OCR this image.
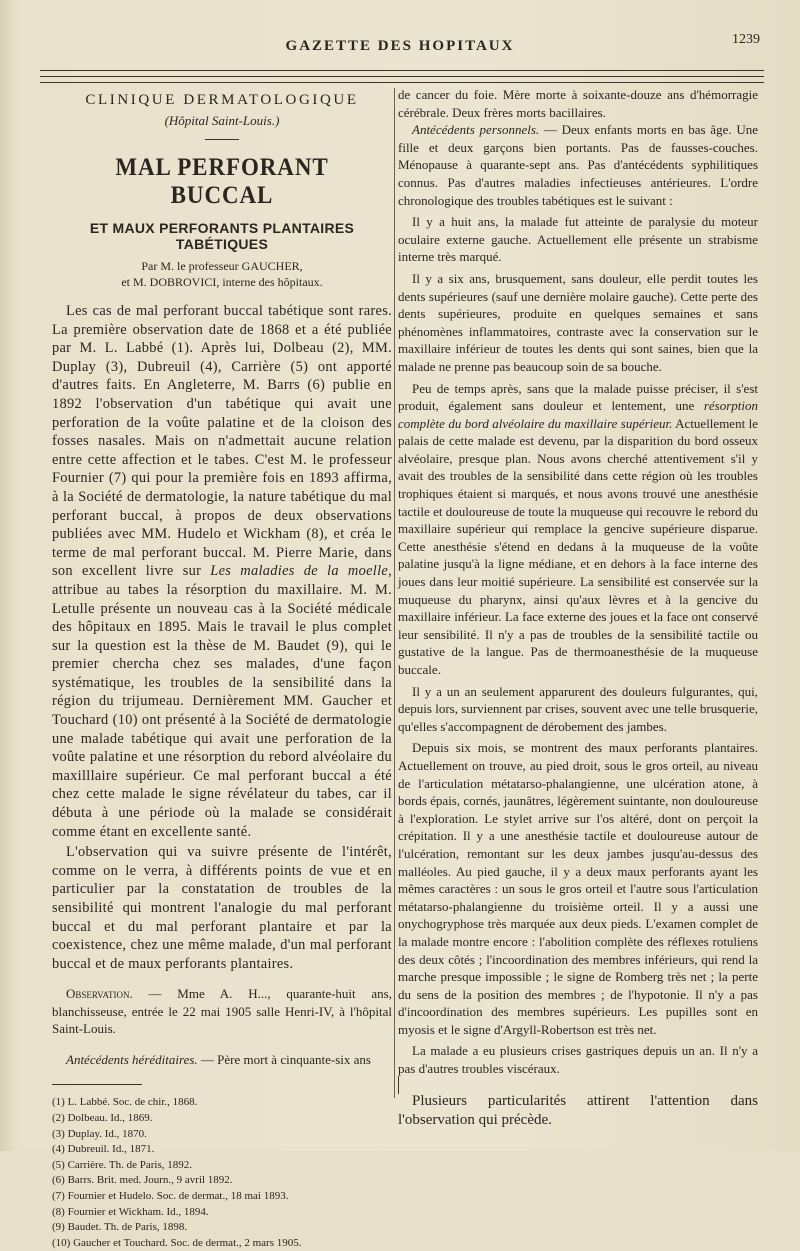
GAZETTE DES HOPITAUX	1239
CLINIQUE DERMATOLOGIQUE
(Hôpital Saint-Louis.)
MAL PERFORANT BUCCAL
ET MAUX PERFORANTS PLANTAIRES TABÉTIQUES
Par M. le professeur GAUCHER,
et M. DOBROVICI, interne des hôpitaux.

Les cas de mal perforant buccal tabétique sont rares. La première observation date de 1868 et a été publiée par M. L. Labbé (1). Après lui, Dolbeau (2), MM. Duplay (3), Dubreuil (4), Carrière (5) ont apporté d'autres faits. En Angleterre, M. Barrs (6) publie en 1892 l'observation d'un tabétique qui avait une perforation de la voûte palatine et de la cloison des fosses nasales. Mais on n'admettait aucune relation entre cette affection et le tabes. C'est M. le professeur Fournier (7) qui pour la première fois en 1893 affirma, à la Société de dermatologie, la nature tabétique du mal perforant buccal, à propos de deux observations publiées avec MM. Hudelo et Wickham (8), et créa le terme de mal perforant buccal. M. Pierre Marie, dans son excellent livre sur Les maladies de la moelle, attribue au tabes la résorption du maxillaire. M. M. Letulle présente un nouveau cas à la Société médicale des hôpitaux en 1895. Mais le travail le plus complet sur la question est la thèse de M. Baudet (9), qui le premier chercha chez ses malades, d'une façon systématique, les troubles de la sensibilité dans la région du trijumeau. Dernièrement MM. Gaucher et Touchard (10) ont présenté à la Société de dermatologie une malade tabétique qui avait une perforation de la voûte palatine et une résorption du rebord alvéolaire du maxilllaire supérieur. Ce mal perforant buccal a été chez cette malade le signe révélateur du tabes, car il débuta à une période où la malade se considérait comme étant en excellente santé.

L'observation qui va suivre présente de l'intérêt, comme on le verra, à différents points de vue et en particulier par la constatation de troubles de la sensibilité qui montrent l'analogie du mal perforant buccal et du mal perforant plantaire et par la coexistence, chez une même malade, d'un mal perforant buccal et de maux perforants plantaires.

Observation. — Mme A. H..., quarante-huit ans, blanchisseuse, entrée le 22 mai 1905 salle Henri-IV, à l'hôpital Saint-Louis.

Antécédents héréditaires. — Père mort à cinquante-six ans

(1) L. Labbé. Soc. de chir., 1868.
(2) Dolbeau. Id., 1869.
(3) Duplay. Id., 1870.
(4) Dubreuil. Id., 1871.
(5) Carrière. Th. de Paris, 1892.
(6) Barrs. Brit. med. Journ., 9 avril 1892.
(7) Fournier et Hudelo. Soc. de dermat., 18 mai 1893.
(8) Fournier et Wickham. Id., 1894.
(9) Baudet. Th. de Paris, 1898.
(10) Gaucher et Touchard. Soc. de dermat., 2 mars 1905.

de cancer du foie. Mère morte à soixante-douze ans d'hémorragie cérébrale. Deux frères morts bacillaires.

Antécédents personnels. — Deux enfants morts en bas âge. Une fille et deux garçons bien portants. Pas de fausses-couches. Ménopause à quarante-sept ans. Pas d'antécédents syphilitiques connus. Pas d'autres maladies infectieuses antérieures. L'ordre chronologique des troubles tabétiques est le suivant :

Il y a huit ans, la malade fut atteinte de paralysie du moteur oculaire externe gauche. Actuellement elle présente un strabisme interne très marqué.

Il y a six ans, brusquement, sans douleur, elle perdit toutes les dents supérieures (sauf une dernière molaire gauche). Cette perte des dents supérieures, produite en quelques semaines et sans phénomènes inflammatoires, contraste avec la conservation sur le maxillaire inférieur de toutes les dents qui sont saines, bien que la malade ne prenne pas beaucoup soin de sa bouche.

Peu de temps après, sans que la malade puisse préciser, il s'est produit, également sans douleur et lentement, une résorption complète du bord alvéolaire du maxillaire supérieur. Actuellement le palais de cette malade est devenu, par la disparition du bord osseux alvéolaire, presque plan. Nous avons cherché attentivement s'il y avait des troubles de la sensibilité dans cette région où les troubles trophiques étaient si marqués, et nous avons trouvé une anesthésie tactile et douloureuse de toute la muqueuse qui recouvre le rebord du maxillaire supérieur qui remplace la gencive supérieure disparue. Cette anesthésie s'étend en dedans à la muqueuse de la voûte palatine jusqu'à la ligne médiane, et en dehors à la face interne des joues dans leur moitié supérieure. La sensibilité est conservée sur la muqueuse du pharynx, ainsi qu'aux lèvres et à la gencive du maxillaire inférieur. La face externe des joues et la face ont conservé leur sensibilité. Il n'y a pas de troubles de la sensibilité tactile ou gustative de la langue. Pas de thermoanesthésie de la muqueuse buccale.

Il y a un an seulement apparurent des douleurs fulgurantes, qui, depuis lors, surviennent par crises, souvent avec une telle brusquerie, qu'elles s'accompagnent de dérobement des jambes.

Depuis six mois, se montrent des maux perforants plantaires. Actuellement on trouve, au pied droit, sous le gros orteil, au niveau de l'articulation métatarso-phalangienne, une ulcération atone, à bords épais, cornés, jaunâtres, légèrement suintante, non douloureuse à l'exploration. Le stylet arrive sur l'os altéré, dont on perçoit la crépitation. Il y a une anesthésie tactile et douloureuse autour de l'ulcération, remontant sur les deux jambes jusqu'au-dessus des malléoles. Au pied gauche, il y a deux maux perforants ayant les mêmes caractères : un sous le gros orteil et l'autre sous l'articulation métatarso-phalangienne du troisième orteil. Il y a aussi une onychogryphose très marquée aux deux pieds. L'examen complet de la malade montre encore : l'abolition complète des réflexes rotuliens des deux côtés ; l'incoordination des membres inférieurs, qui rend la marche presque impossible ; le signe de Romberg très net ; la perte du sens de la position des membres ; de l'hypotonie. Il n'y a pas d'incoordination des membres supérieurs. Les pupilles sont en myosis et le signe d'Argyll-Robertson est très net.

La malade a eu plusieurs crises gastriques depuis un an. Il n'y a pas d'autres troubles viscéraux.

Plusieurs particularités attirent l'attention dans l'observation qui précède.
